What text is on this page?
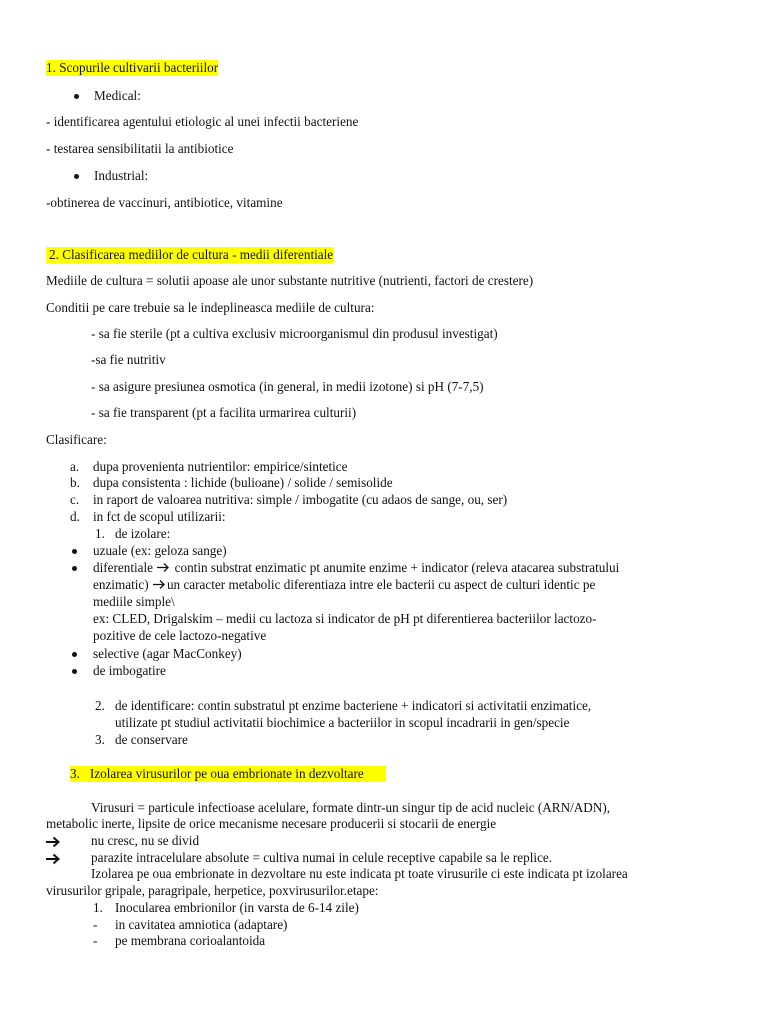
1. Scopurile cultivarii bacteriilor
Medical:
- identificarea agentului etiologic al unei infectii bacteriene
- testarea sensibilitatii la antibiotice
Industrial:
-obtinerea de vaccinuri, antibiotice, vitamine
2. Clasificarea mediilor de cultura - medii diferentiale
Mediile de cultura = solutii apoase ale unor substante nutritive (nutrienti, factori de crestere)
Conditii pe care trebuie sa le indeplineasca mediile de cultura:
- sa fie sterile (pt a cultiva exclusiv microorganismul din produsul investigat)
-sa fie nutritiv
- sa asigure presiunea osmotica (in general, in medii izotone) si pH (7-7,5)
- sa fie transparent (pt a facilita urmarirea culturii)
Clasificare:
a. dupa provenienta nutrientilor: empirice/sintetice
b. dupa consistenta : lichide (bulioane) / solide / semisolide
c. in raport de valoarea nutritiva: simple / imbogatite (cu adaos de sange, ou, ser)
d. in fct de scopul utilizarii:
1. de izolare:
uzuale (ex: geloza sange)
diferentiale  contin substrat enzimatic pt anumite enzime + indicator (releva atacarea substratului
enzimatic) un caracter metabolic diferentiaza intre ele bacterii cu aspect de culturi identic pe
mediile simple\
ex: CLED, Drigalskim – medii cu lactoza si indicator de pH pt diferentierea bacteriilor lactozo-
pozitive de cele lactozo-negative
selective (agar MacConkey)
de imbogatire
2. de identificare: contin substratul pt enzime bacteriene + indicatori si activitatii enzimatice,
utilizate pt studiul activitatii biochimice a bacteriilor in scopul incadrarii in gen/specie
3. de conservare
3. Izolarea virusurilor pe oua embrionate in dezvoltare
Virusuri = particule infectioase acelulare, formate dintr-un singur tip de acid nucleic (ARN/ADN),
metabolic inerte, lipsite de orice mecanisme necesare producerii si stocarii de energie
nu cresc, nu se divid
parazite intracelulare absolute = cultiva numai in celule receptive capabile sa le replice.
Izolarea pe oua embrionate in dezvoltare nu este indicata pt toate virusurile ci este indicata pt izolarea
virusurilor gripale, paragripale, herpetice, poxvirusurilor.etape:
1. Inocularea embrionilor (in varsta de 6-14 zile)
- in cavitatea amniotica (adaptare)
- pe membrana corioalantoida
